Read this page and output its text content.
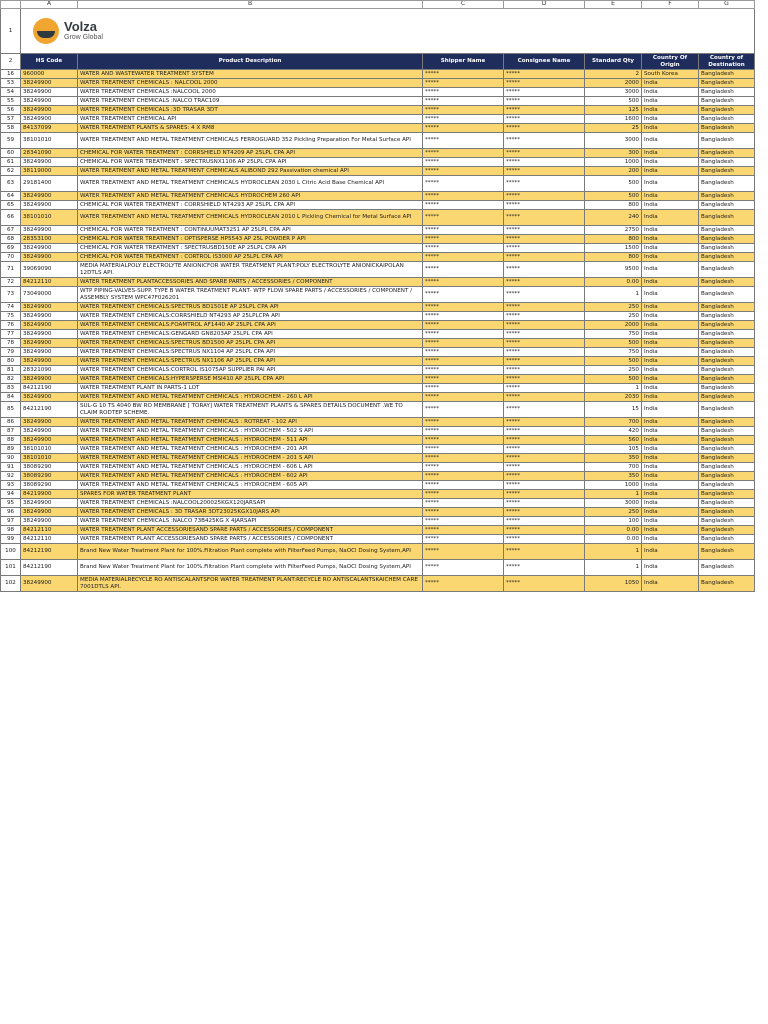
	A	B	C	D	E	F	G
1	Volza
Grow Global						

2	HS Code	Product Description	Shipper Name	Consignee Name	Standard Qty	Country Of Origin	Country of Destination
16	960000	WATER AND WASTEWATER TREATMENT SYSTEM	*****	*****	2	South Korea	Bangladesh
53	38249900	WATER TREATMENT CHEMICALS : NALCOOL 2000	*****	*****	2000	India	Bangladesh
54	38249900	WATER TREATMENT CHEMICALS :NALCOOL 2000	*****	*****	3000	India	Bangladesh
55	38249900	WATER TREATMENT CHEMICALS :NALCO TRAC109	*****	*****	500	India	Bangladesh
56	38249900	WATER TREATMENT CHEMICALS :3D TRASAR 3DT	*****	*****	125	India	Bangladesh
57	38249900	WATER TREATMENT CHEMICAL API	*****	*****	1600	India	Bangladesh
58	84137099	WATER TREATMENT PLANTS & SPARES: 4 X RM8	*****	*****	25	India	Bangladesh
59	38101010	WATER TREATMENT AND METAL TREATMENT CHEMICALS FERROGUARD 352 Pickling Preparation For Metal Surface API	*****	*****	3000	India	Bangladesh
60	28341090	CHEMICAL FOR WATER TREATMENT : CORRSHIELD NT4209 AP 25LPL CPA API	*****	*****	300	India	Bangladesh
61	38249900	CHEMICAL FOR WATER TREATMENT : SPECTRUSNX1106 AP 25LPL CPA API	*****	*****	1000	India	Bangladesh
62	38119000	WATER TREATMENT AND METAL TREATMENT CHEMICALS ALIBOND 292 Passivation chemical API	*****	*****	200	India	Bangladesh
63	29181400	WATER TREATMENT AND METAL TREATMENT CHEMICALS HYDROCLEAN 2030 L Citric Acid Base Chemical API	*****	*****	500	India	Bangladesh
64	38249900	WATER TREATMENT AND METAL TREATMENT CHEMICALS HYDROCHEM 260 API	*****	*****	500	India	Bangladesh
65	38249900	CHEMICAL FOR WATER TREATMENT : CORRSHIELD NT4293 AP 25LPL CPA API	*****	*****	800	India	Bangladesh
66	38101010	WATER TREATMENT AND METAL TREATMENT CHEMICALS HYDROCLEAN 2010 L Pickling Chemical for Metal Surface API	*****	*****	240	India	Bangladesh
67	38249900	CHEMICAL FOR WATER TREATMENT : CONTINUUMAT3251 AP 25LPL CPA API	*****	*****	2750	India	Bangladesh
68	28353100	CHEMICAL FOR WATER TREATMENT : OPTISPERSE HP5543 AP 25L POWDER P API	*****	*****	800	India	Bangladesh
69	38249900	CHEMICAL FOR WATER TREATMENT : SPECTRUSBD150E AP 25LPL CPA API	*****	*****	1500	India	Bangladesh
70	38249900	CHEMICAL FOR WATER TREATMENT : CORTROL IS3000 AP 25LPL CPA API	*****	*****	800	India	Bangladesh
71	39069090	MEDIA MATERIALPOLY ELECTROLYTE ANIONICFOR WATER TREATMENT PLANT:POLY ELECTROLYTE ANIONICKAIPOLAN 12DTLS API.	*****	*****	9500	India	Bangladesh
72	84212110	WATER TREATMENT PLANTACCESSORIES AND SPARE PARTS / ACCESSORIES / COMPONENT	*****	*****	0.00	India	Bangladesh
73	73049000	WTP PIPING-VALVES-SUPP. TYPE B WATER TREATMENT PLANT- WTP FLOW SPARE PARTS / ACCESSORIES / COMPONENT / ASSEMBLY SYSTEM WPC47F026201	*****	*****	1	India	Bangladesh
74	38249900	WATER TREATMENT CHEMICALS:SPECTRUS BD1501E AP 25LPL CPA API	*****	*****	250	India	Bangladesh
75	38249900	WATER TREATMENT CHEMICALS:CORRSHIELD NT4293 AP 25LPLCPA API	*****	*****	250	India	Bangladesh
76	38249900	WATER TREATMENT CHEMICALS:FOAMTROL AF1440 AP 25LPL CPA API	*****	*****	2000	India	Bangladesh
77	38249900	WATER TREATMENT CHEMICALS:GENGARD GN8203AP 25LPL CPA API	*****	*****	750	India	Bangladesh
78	38249900	WATER TREATMENT CHEMICALS:SPECTRUS BD1500 AP 25LPL CPA API	*****	*****	500	India	Bangladesh
79	38249900	WATER TREATMENT CHEMICALS:SPECTRUS NX1104 AP 25LPL CPA API	*****	*****	750	India	Bangladesh
80	38249900	WATER TREATMENT CHEMICALS:SPECTRUS NX1106 AP 25LPL CPA API	*****	*****	500	India	Bangladesh
81	28321090	WATER TREATMENT CHEMICALS:CORTROL IS1075AP SUPPLIER PAI API	*****	*****	250	India	Bangladesh
82	38249900	WATER TREATMENT CHEMICALS:HYPERSPERSE MSI410 AP 25LPL CPA API	*****	*****	500	India	Bangladesh
83	84212190	WATER TREATMENT PLANT IN PARTS-1 LOT	*****	*****	1	India	Bangladesh
84	38249900	WATER TREATMENT AND METAL TREATMENT CHEMICALS : HYDROCHEM - 260 L API	*****	*****	2030	India	Bangladesh
85	84212190	SUL-G 10 TS 4040 BW RO MEMBRANE [ TORAY] WATER TREATMENT PLANTS & SPARES DETAILS DOCUMENT .WE TO CLAIM RODTEP SCHEME.	*****	*****	15	India	Bangladesh
86	38249900	WATER TREATMENT AND METAL TREATMENT CHEMICALS : ROTREAT - 102 API	*****	*****	700	India	Bangladesh
87	38249900	WATER TREATMENT AND METAL TREATMENT CHEMICALS : HYDROCHEM - 502 S API	*****	*****	420	India	Bangladesh
88	38249900	WATER TREATMENT AND METAL TREATMENT CHEMICALS : HYDROCHEM - 511 API	*****	*****	560	India	Bangladesh
89	38101010	WATER TREATMENT AND METAL TREATMENT CHEMICALS : HYDROCHEM - 201 API	*****	*****	105	India	Bangladesh
90	38101010	WATER TREATMENT AND METAL TREATMENT CHEMICALS : HYDROCHEM - 201 S API	*****	*****	350	India	Bangladesh
91	38089290	WATER TREATMENT AND METAL TREATMENT CHEMICALS : HYDROCHEM - 606 L API	*****	*****	700	India	Bangladesh
92	38089290	WATER TREATMENT AND METAL TREATMENT CHEMICALS : HYDROCHEM - 602 API	*****	*****	350	India	Bangladesh
93	38089290	WATER TREATMENT AND METAL TREATMENT CHEMICALS : HYDROCHEM - 605 API	*****	*****	1000	India	Bangladesh
94	84219900	SPARES FOR WATER TREATMENT PLANT	*****	*****	1	India	Bangladesh
95	38249900	WATER TREATMENT CHEMICALS :NALCOOL200025KGX120JARSAPI	*****	*****	3000	India	Bangladesh
96	38249900	WATER TREATMENT CHEMICALS : 3D TRASAR 3DT23025KGX10JARS API	*****	*****	250	India	Bangladesh
97	38249900	WATER TREATMENT CHEMICALS :NALCO 73B425KG X 4JARSAPI	*****	*****	100	India	Bangladesh
98	84212110	WATER TREATMENT PLANT ACCESSORIESAND SPARE PARTS / ACCESSORIES / COMPONENT	*****	*****	0.00	India	Bangladesh
99	84212110	WATER TREATMENT PLANT ACCESSORIESAND SPARE PARTS / ACCESSORIES / COMPONENT	*****	*****	0.00	India	Bangladesh
100	84212190	Brand New Water Treatment Plant for 100%.Filtration Plant complete with FilterFeed Pumps, NaOCl Dosing System,API	*****	*****	1	India	Bangladesh
101	84212190	Brand New Water Treatment Plant for 100%.Filtration Plant complete with FilterFeed Pumps, NaOCl Dosing System,API	*****	*****	1	India	Bangladesh
102	38249900	MEDIA MATERIALRECYCLE RO ANTISCALANTSFOR WATER TREATMENT PLANT:RECYCLE RO ANTISCALANTSKAICHEM CARE 7001DTLS API.	*****	*****	1050	India	Bangladesh
